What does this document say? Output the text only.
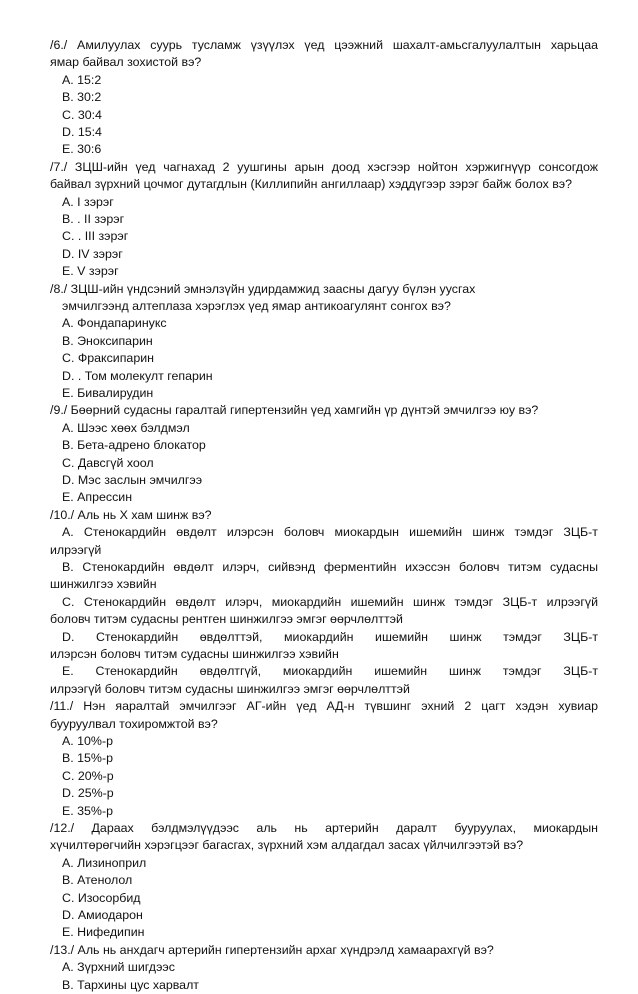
/6./ Амилуулах суурь тусламж үзүүлэх үед цээжний шахалт-амьсгалуулалтын харьцаа
ямар байвал зохистой вэ?
А. 15:2
B. 30:2
C. 30:4
D. 15:4
E. 30:6
/7./ ЗЦШ-ийн үед чагнахад 2 уушгины арын доод хэсгээр нойтон хэржигнүүр сонсогдож
байвал зүрхний цочмог дутагдлын (Киллипийн ангиллаар) хэддүгээр зэрэг байж болох вэ?
A. I зэрэг
B. . II зэрэг
C. . III зэрэг
D. IV зэрэг
E. V зэрэг
/8./ ЗЦШ-ийн үндсэний эмнэлзүйн удирдамжид заасны дагуу бүлэн уусгах
эмчилгээнд алтеплаза хэрэглэх үед ямар антикоагулянт сонгох вэ?
А. Фондапаринукс
В. Эноксипарин
С. Фраксипарин
D. . Том молекулт гепарин
Е. Бивалирудин
/9./ Бөөрний судасны гаралтай гипертензийн үед хамгийн үр дүнтэй эмчилгээ юу вэ?
А. Шээс хөөх бэлдмэл
В. Бета-адрено блокатор
С. Давсгүй хоол
D. Мэс заслын эмчилгээ
Е. Апрессин
/10./ Аль нь X хам шинж вэ?
А. Стенокардийн өвдөлт илэрсэн боловч миокардын ишемийн шинж тэмдэг ЗЦБ-т
илрээгүй
В. Стенокардийн өвдөлт илэрч, сийвэнд ферментийн ихэссэн боловч титэм судасны
шинжилгээ хэвийн
С. Стенокардийн өвдөлт илэрч, миокардийн ишемийн шинж тэмдэг ЗЦБ-т илрээгүй
боловч титэм судасны рентген шинжилгээ эмгэг өөрчлөлттэй
D. Стенокардийн өвдөлттэй, миокардийн ишемийн шинж тэмдэг ЗЦБ-т
илэрсэн боловч титэм судасны шинжилгээ хэвийн
E. Стенокардийн өвдөлтгүй, миокардийн ишемийн шинж тэмдэг ЗЦБ-т
илрээгүй боловч титэм судасны шинжилгээ эмгэг өөрчлөлттэй
/11./ Нэн яаралтай эмчилгээг АГ-ийн үед АД-н түвшинг эхний 2 цагт хэдэн хувиар
бууруулвал тохиромжтой вэ?
A. 10%-р
B. 15%-р
C. 20%-р
D. 25%-р
E. 35%-р
/12./ Дараах бэлдмэлүүдээс аль нь артерийн даралт бууруулах, миокардын
хүчилтөрөгчийн хэрэгцээг багасгах, зүрхний хэм алдагдал засах үйлчилгээтэй вэ?
А. Лизиноприл
В. Атенолол
С. Изосорбид
D. Амиодарон
Е. Нифедипин
/13./ Аль нь анхдагч артерийн гипертензийн архаг хүндрэлд хамаарахгүй вэ?
А. Зүрхний шигдээс
В. Тархины цус харвалт
